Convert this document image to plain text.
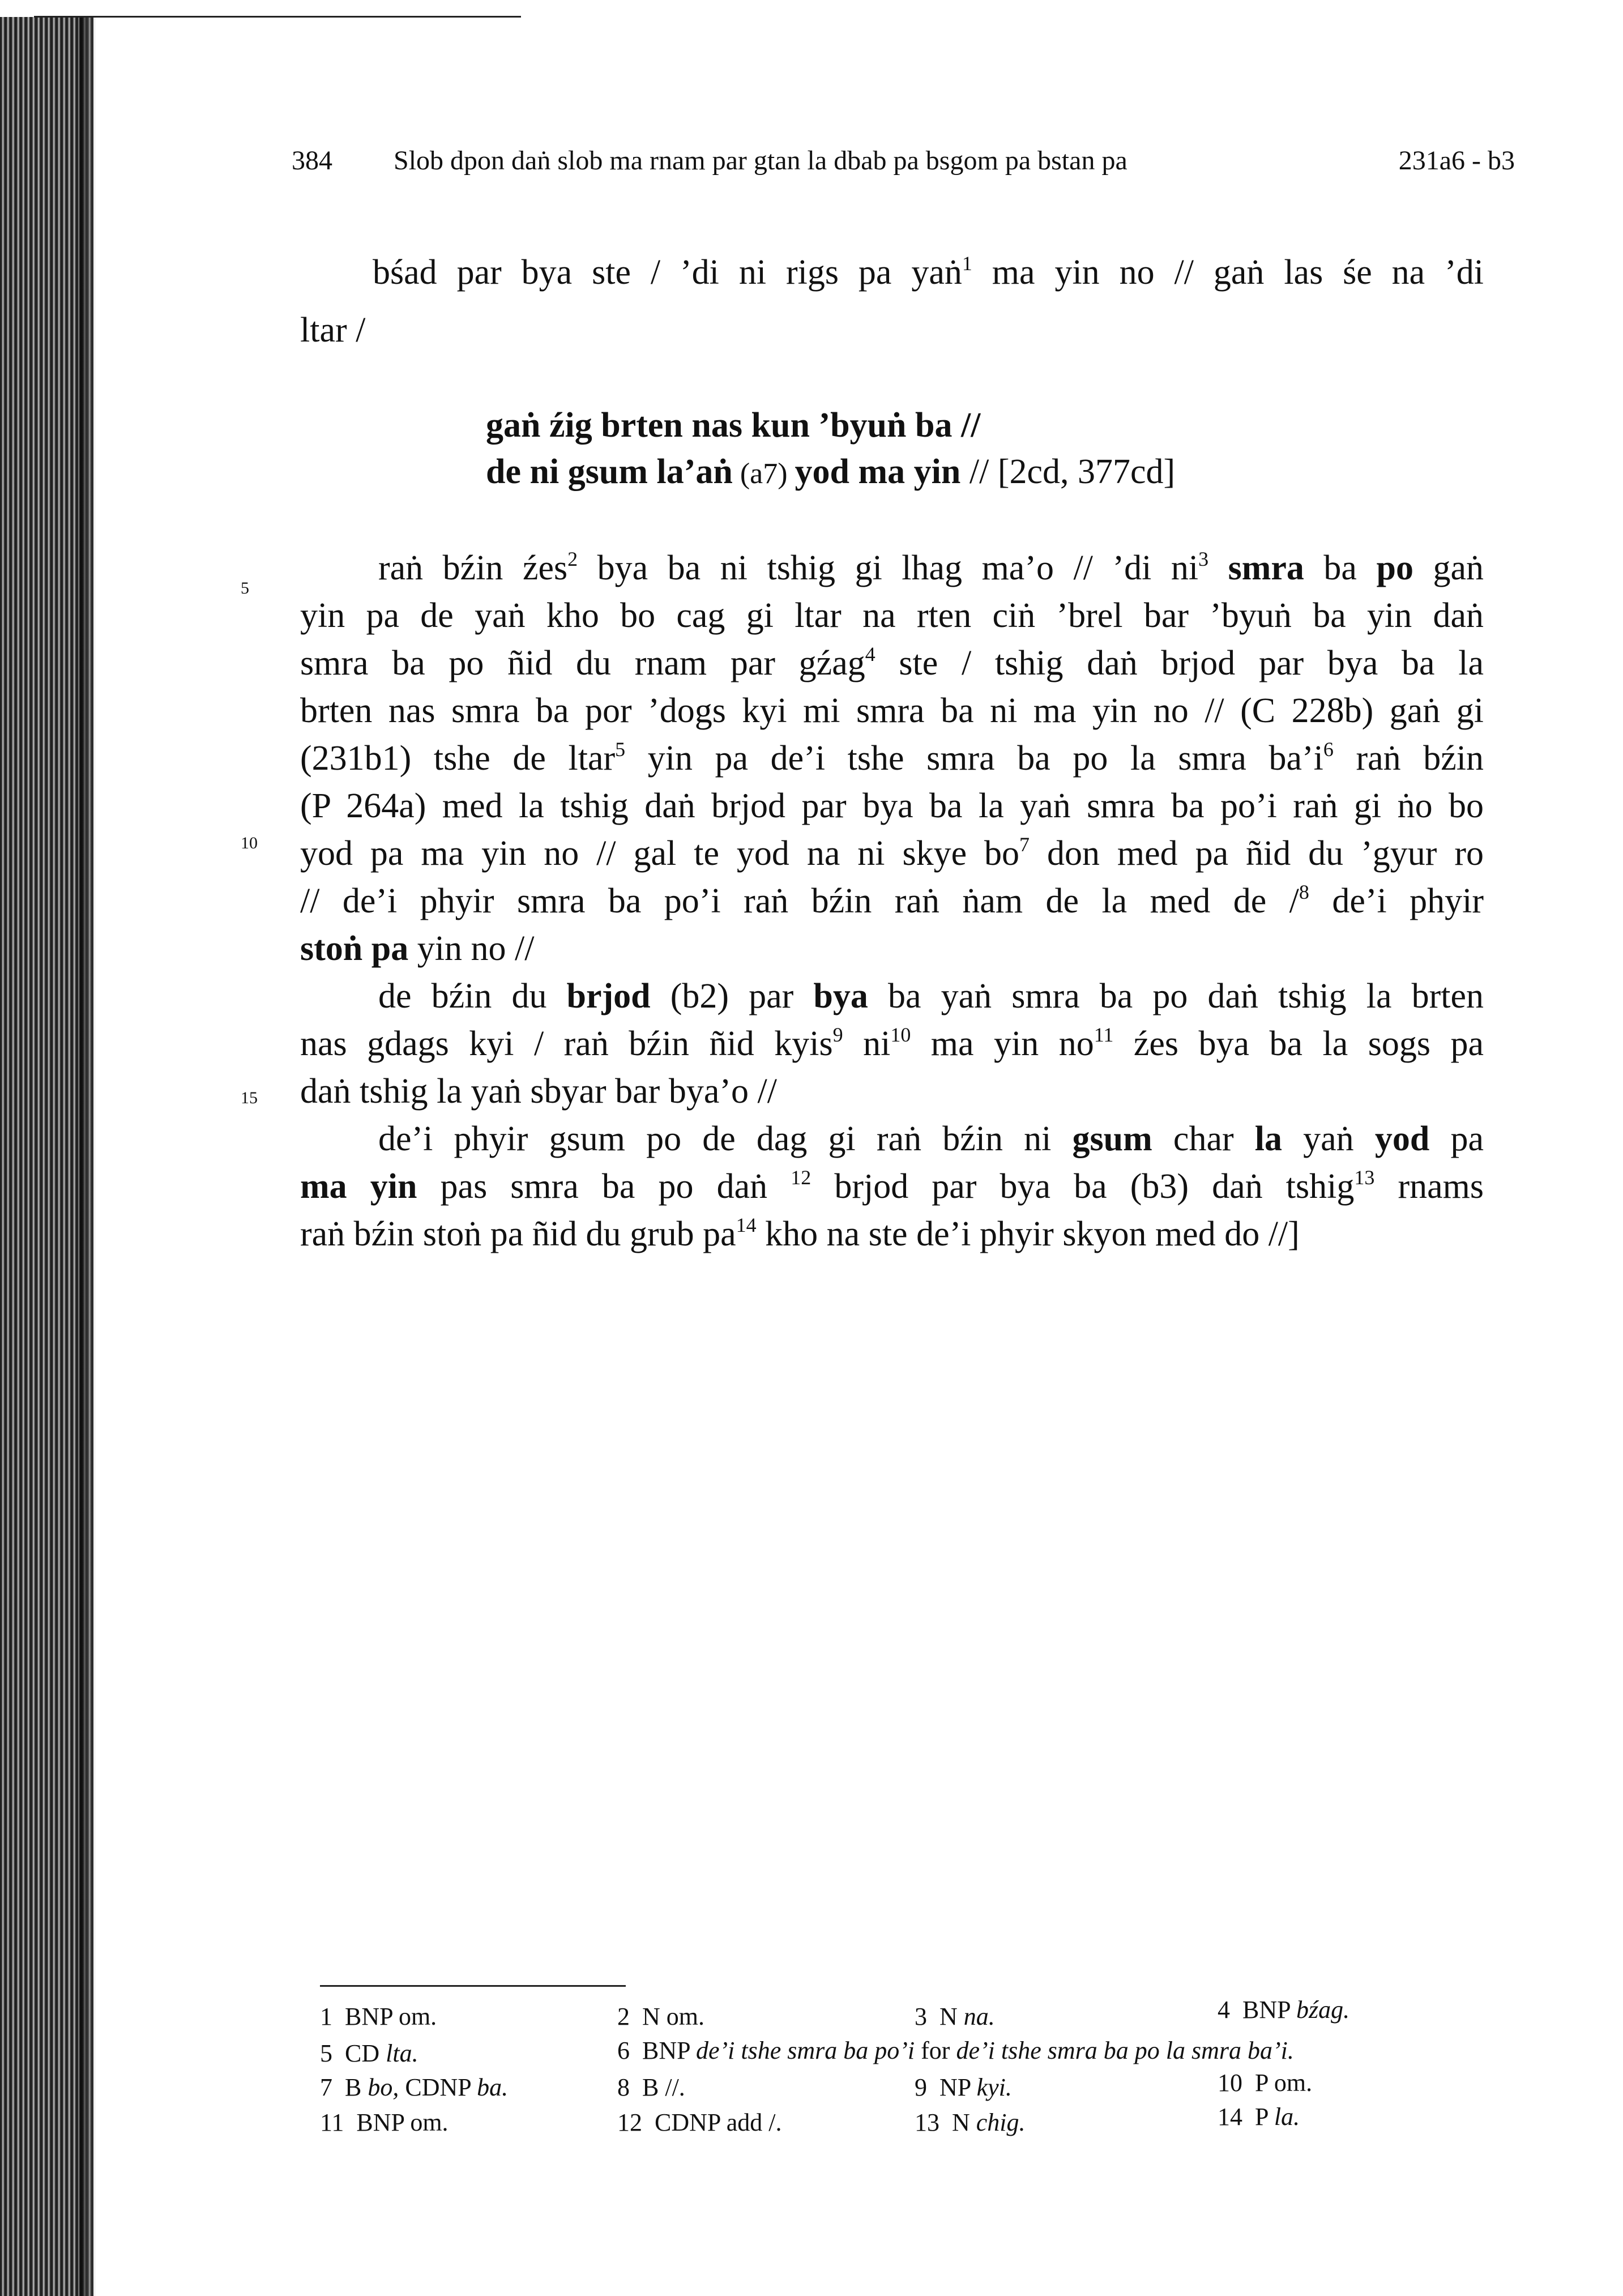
384 Slob dpon daṅ slob ma rnam par gtan la dbab pa bsgom pa bstan pa	231a6 - b3
5
10
15
bśad par bya ste / ’di ni rigs pa yaṅ$^1$ ma yin no // gaṅ las śe na ’di
ltar /
gaṅ źig brten nas kun ’byuṅ ba //
de ni gsum la’aṅ (a7) yod ma yin // [2cd, 377cd]
raṅ bźin źes$^2$ bya ba ni tshig gi lhag ma’o // ’di $ni^3$ smra ba po gaṅ
yin pa de yaṅ kho bo cag gi ltar na rten ciṅ ’brel bar ’byuṅ ba yin daṅ
smra ba po ñid du rnam par gźag$^4$ ste / tshig daṅ brjod par bya ba la
brten nas smra ba por ’dogs kyi mi smra ba ni ma yin no // (C 228b) gaṅ gi
(231b1) tshe de ltar$^5$ yin pa de’i tshe smra ba po la smra $ba’i^6$ raṅ bźin
(P 264a) med la tshig daṅ brjod par bya ba la yaṅ smra ba po’i raṅ gi ṅo bo
yod pa ma yin no // gal te yod na ni skye $bo^7$ don med pa ñid du ’gyur ro
// de’i phyir smra ba po’i raṅ bźin raṅ ṅam de la med de /$^8$ de’i phyir
stoṅ pa yin no //
de bźin du brjod (b2) par bya ba yaṅ smra ba po daṅ tshig la brten
nas gdags kyi / raṅ bźin ñid kyis$^9$ $ni^{10}$ ma yin $no^{11}$ źes bya ba la sogs pa
daṅ tshig la yaṅ sbyar bar bya’o //
de’i phyir gsum po de dag gi raṅ bźin ni gsum char la yaṅ yod pa
ma yin pas smra ba po daṅ $^{12}$ brjod par bya ba (b3) daṅ tshig$^{13}$ rnams
raṅ bźin stoṅ pa ñid du grub $pa^{14}$ kho na ste de’i phyir skyon med do //]
1 BNP om.	2 N om.	3 N na.	4 BNP bźag.
5 CD lta.	6 BNP de’i tshe smra ba po’i for de’i tshe smra ba po la smra ba’i.
7 B bo, CDNP ba.	8 B //.	9 NP kyi.	10 P om.
11 BNP om.	12 CDNP add /.	13 N chig.	14 P la.
